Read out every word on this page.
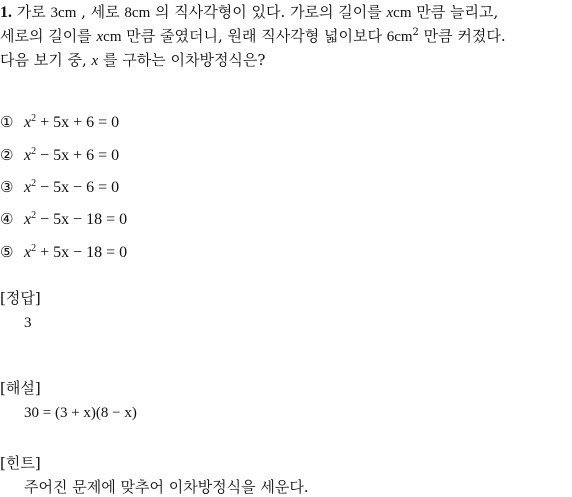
1. 가로 3cm , 세로 8cm 의 직사각형이 있다. 가로의 길이를 xcm 만큼 늘리고,
세로의 길이를 xcm 만큼 줄였더니, 원래 직사각형 넓이보다 $6cm^2$ 만큼 커졌다.
다음 보기 중, x 를 구하는 이차방정식은?
① $x^2 + 5x + 6 = 0$
② $x^2 - 5x + 6 = 0$
③ $x^2 - 5x - 6 = 0$
④ $x^2 - 5x - 18 = 0$
⑤ $x^2 + 5x - 18 = 0$
[정답]
3
[해설]
30 = (3 + x)(8 − x)
[힌트]
주어진 문제에 맞추어 이차방정식을 세운다.
